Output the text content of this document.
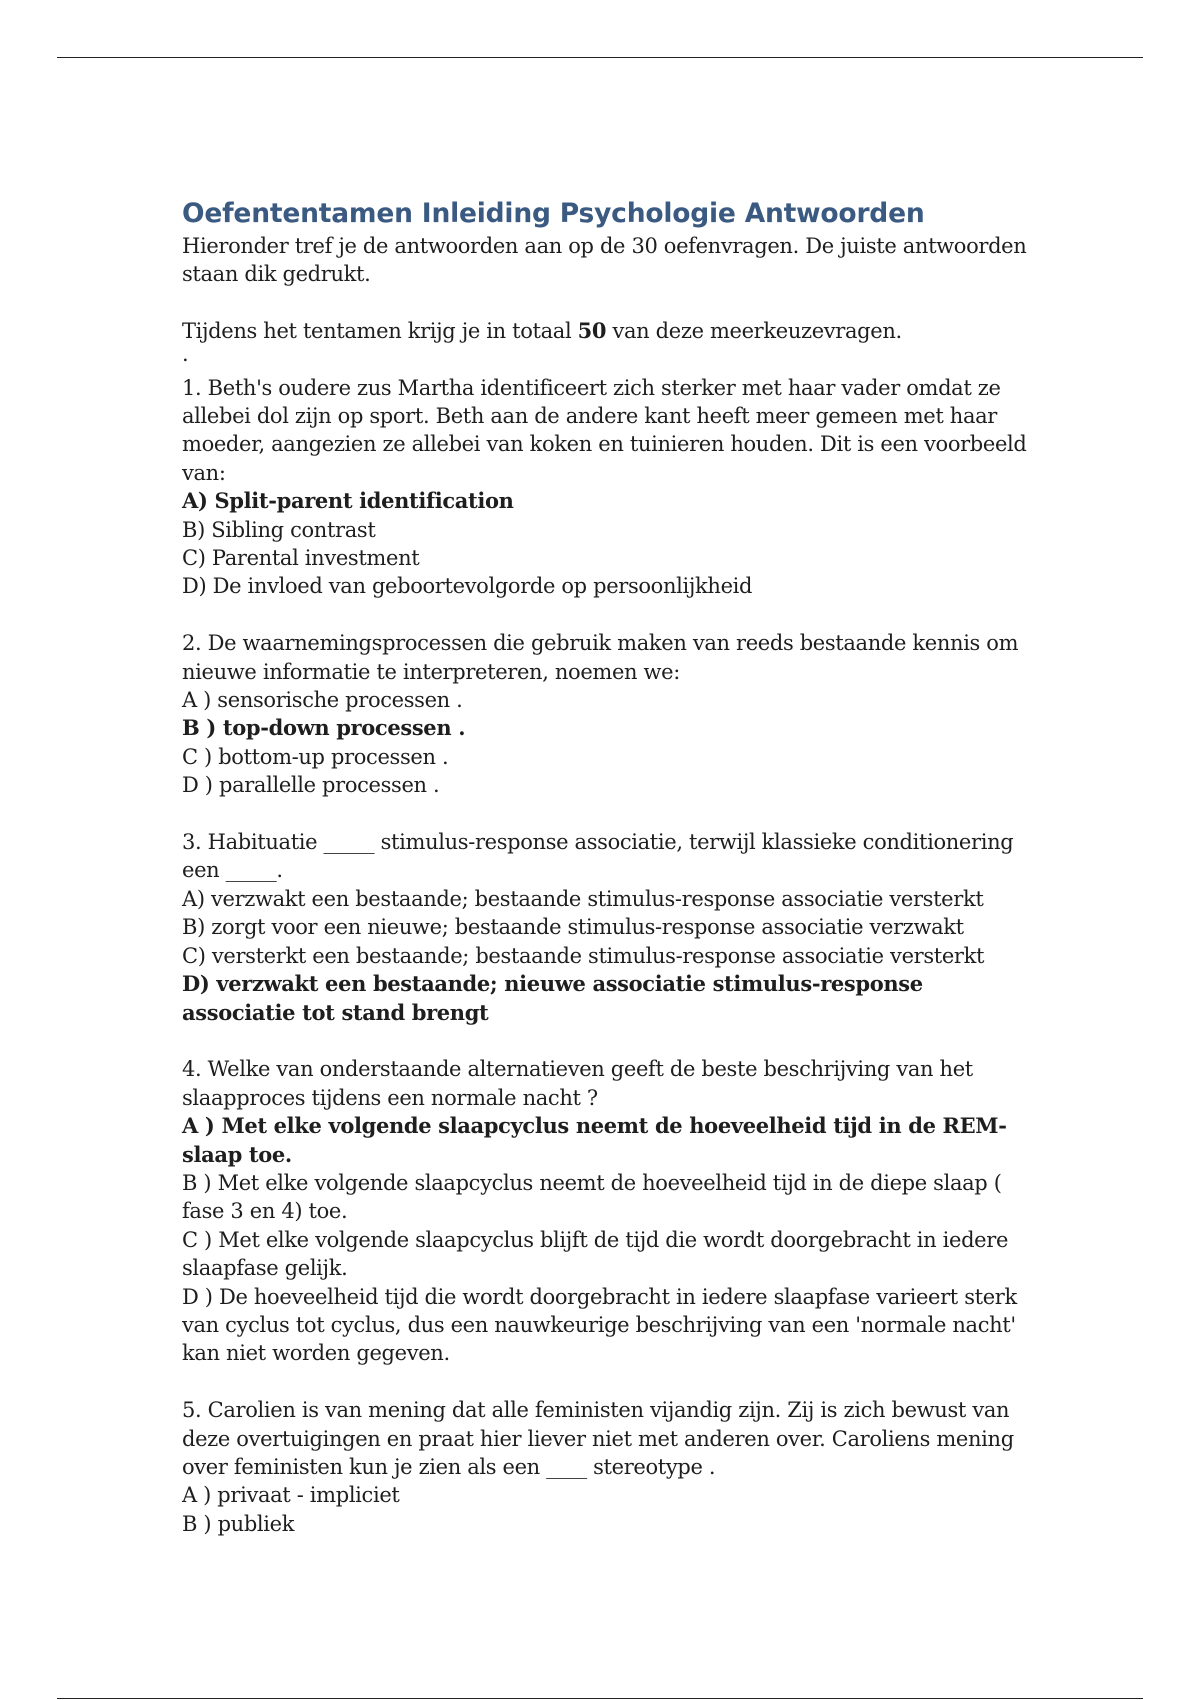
Oefententamen Inleiding Psychologie Antwoorden

Hieronder tref je de antwoorden aan op de 30 oefenvragen. De juiste antwoorden staan dik gedrukt.

Tijdens het tentamen krijg je in totaal 50 van deze meerkeuzevragen.

.

1. Beth's oudere zus Martha identificeert zich sterker met haar vader omdat ze allebei dol zijn op sport. Beth aan de andere kant heeft meer gemeen met haar moeder, aangezien ze allebei van koken en tuinieren houden. Dit is een voorbeeld van:

A) Split-parent identification

B) Sibling contrast

C) Parental investment

D) De invloed van geboortevolgorde op persoonlijkheid

2. De waarnemingsprocessen die gebruik maken van reeds bestaande kennis om nieuwe informatie te interpreteren, noemen we:

A ) sensorische processen .

B ) top-down processen .

C ) bottom-up processen .

D ) parallelle processen .

3. Habituatie _____ stimulus-response associatie, terwijl klassieke conditionering een _____.

A) verzwakt een bestaande; bestaande stimulus-response associatie versterkt

B) zorgt voor een nieuwe; bestaande stimulus-response associatie verzwakt

C) versterkt een bestaande; bestaande stimulus-response associatie versterkt

D) verzwakt een bestaande; nieuwe associatie stimulus-response associatie tot stand brengt

4. Welke van onderstaande alternatieven geeft de beste beschrijving van het slaapproces tijdens een normale nacht ?

A ) Met elke volgende slaapcyclus neemt de hoeveelheid tijd in de REM-slaap toe.

B ) Met elke volgende slaapcyclus neemt de hoeveelheid tijd in de diepe slaap ( fase 3 en 4) toe.

C ) Met elke volgende slaapcyclus blijft de tijd die wordt doorgebracht in iedere slaapfase gelijk.

D ) De hoeveelheid tijd die wordt doorgebracht in iedere slaapfase varieert sterk van cyclus tot cyclus, dus een nauwkeurige beschrijving van een 'normale nacht' kan niet worden gegeven.

5. Carolien is van mening dat alle feministen vijandig zijn. Zij is zich bewust van deze overtuigingen en praat hier liever niet met anderen over. Caroliens mening over feministen kun je zien als een ____ stereotype .

A ) privaat - impliciet

B ) publiek
